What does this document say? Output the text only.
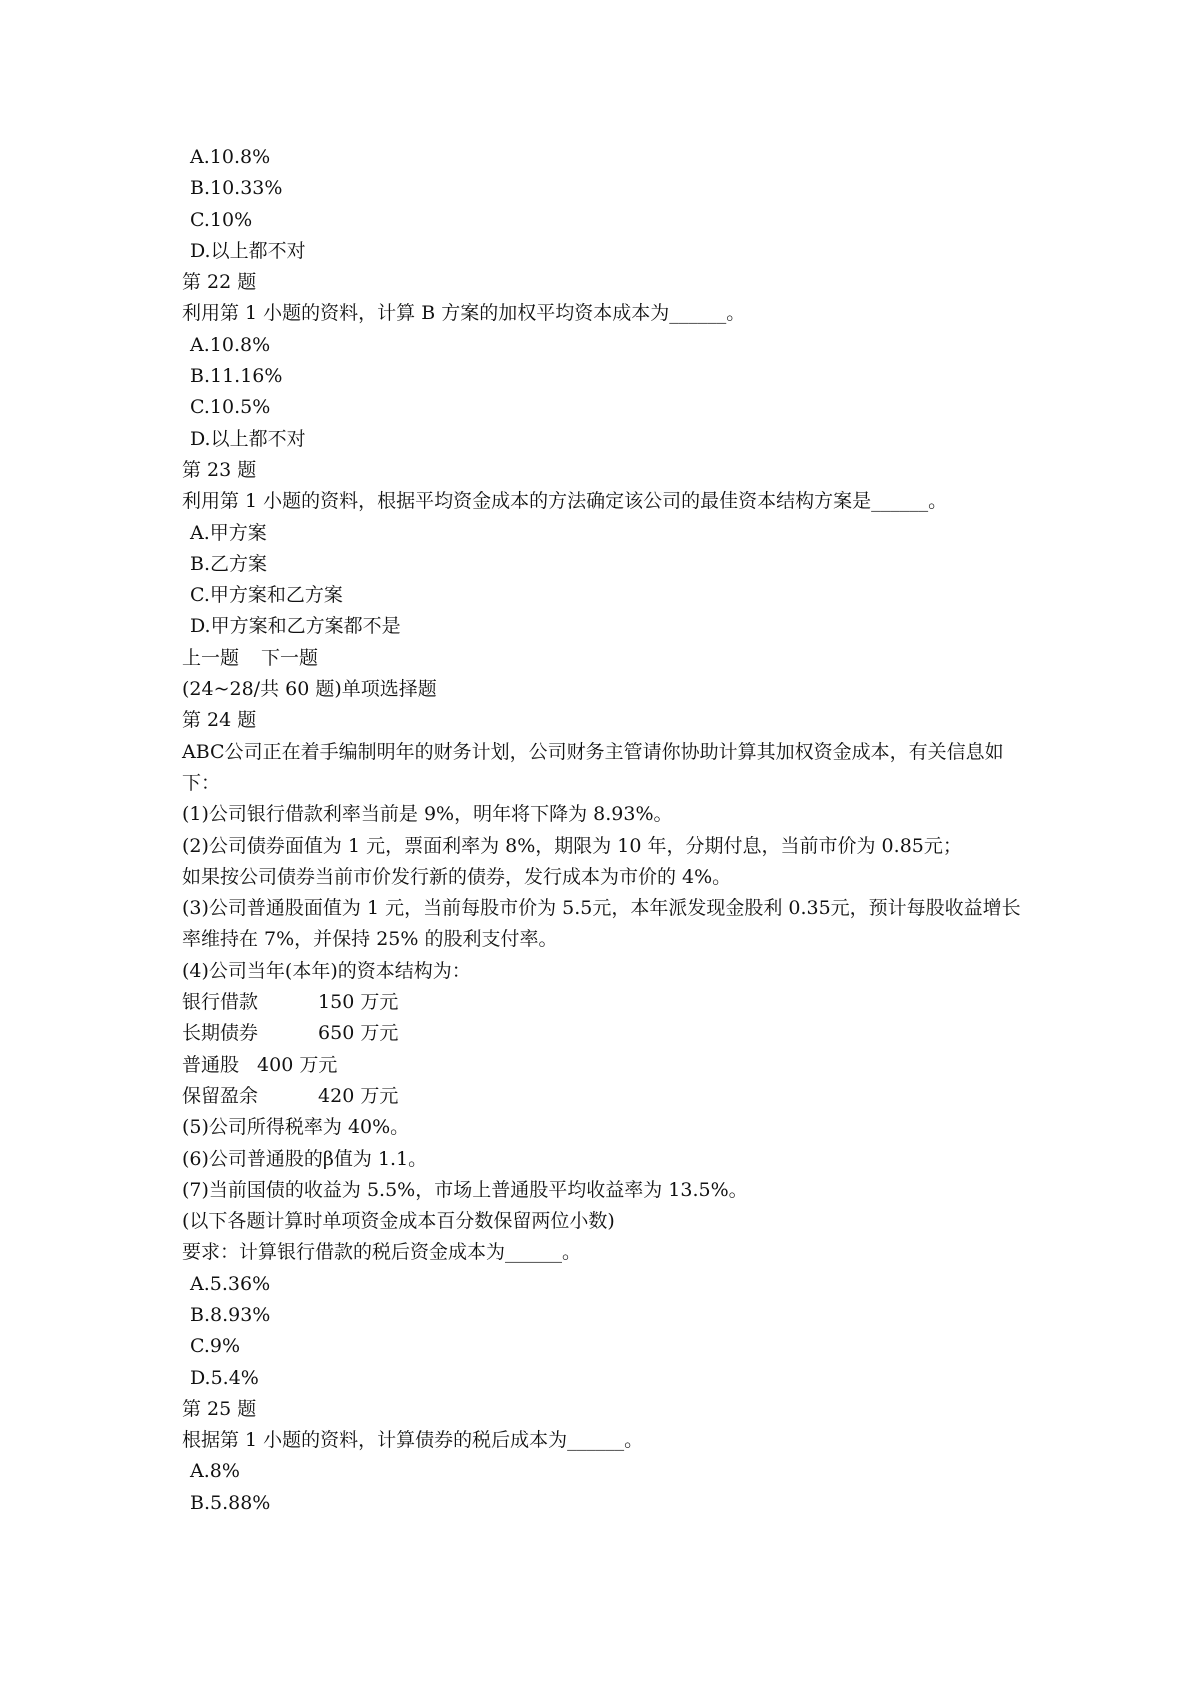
A.10.8%
B.10.33%
C.10%
D.以上都不对
第 22 题
利用第 1 小题的资料，计算 B 方案的加权平均资本成本为______。
A.10.8%
B.11.16%
C.10.5%
D.以上都不对
第 23 题
利用第 1 小题的资料，根据平均资金成本的方法确定该公司的最佳资本结构方案是______。
A.甲方案
B.乙方案
C.甲方案和乙方案
D.甲方案和乙方案都不是
上一题 下一题
(24~28/共 60 题)单项选择题
第 24 题
ABC公司正在着手编制明年的财务计划，公司财务主管请你协助计算其加权资金成本，有关信息如下：
(1)公司银行借款利率当前是 9%，明年将下降为 8.93%。
(2)公司债券面值为 1 元，票面利率为 8%，期限为 10 年，分期付息，当前市价为 0.85元；
如果按公司债券当前市价发行新的债券，发行成本为市价的 4%。
(3)公司普通股面值为 1 元，当前每股市价为 5.5元，本年派发现金股利 0.35元，预计每股收益增长率维持在 7%，并保持 25% 的股利支付率。
(4)公司当年(本年)的资本结构为：
银行借款	150 万元
长期债券	650 万元
普通股 400 万元
保留盈余	420 万元
(5)公司所得税率为 40%。
(6)公司普通股的β值为 1.1。
(7)当前国债的收益为 5.5%，市场上普通股平均收益率为 13.5%。
(以下各题计算时单项资金成本百分数保留两位小数)
要求：计算银行借款的税后资金成本为______。
A.5.36%
B.8.93%
C.9%
D.5.4%
第 25 题
根据第 1 小题的资料，计算债券的税后成本为______。
A.8%
B.5.88%
